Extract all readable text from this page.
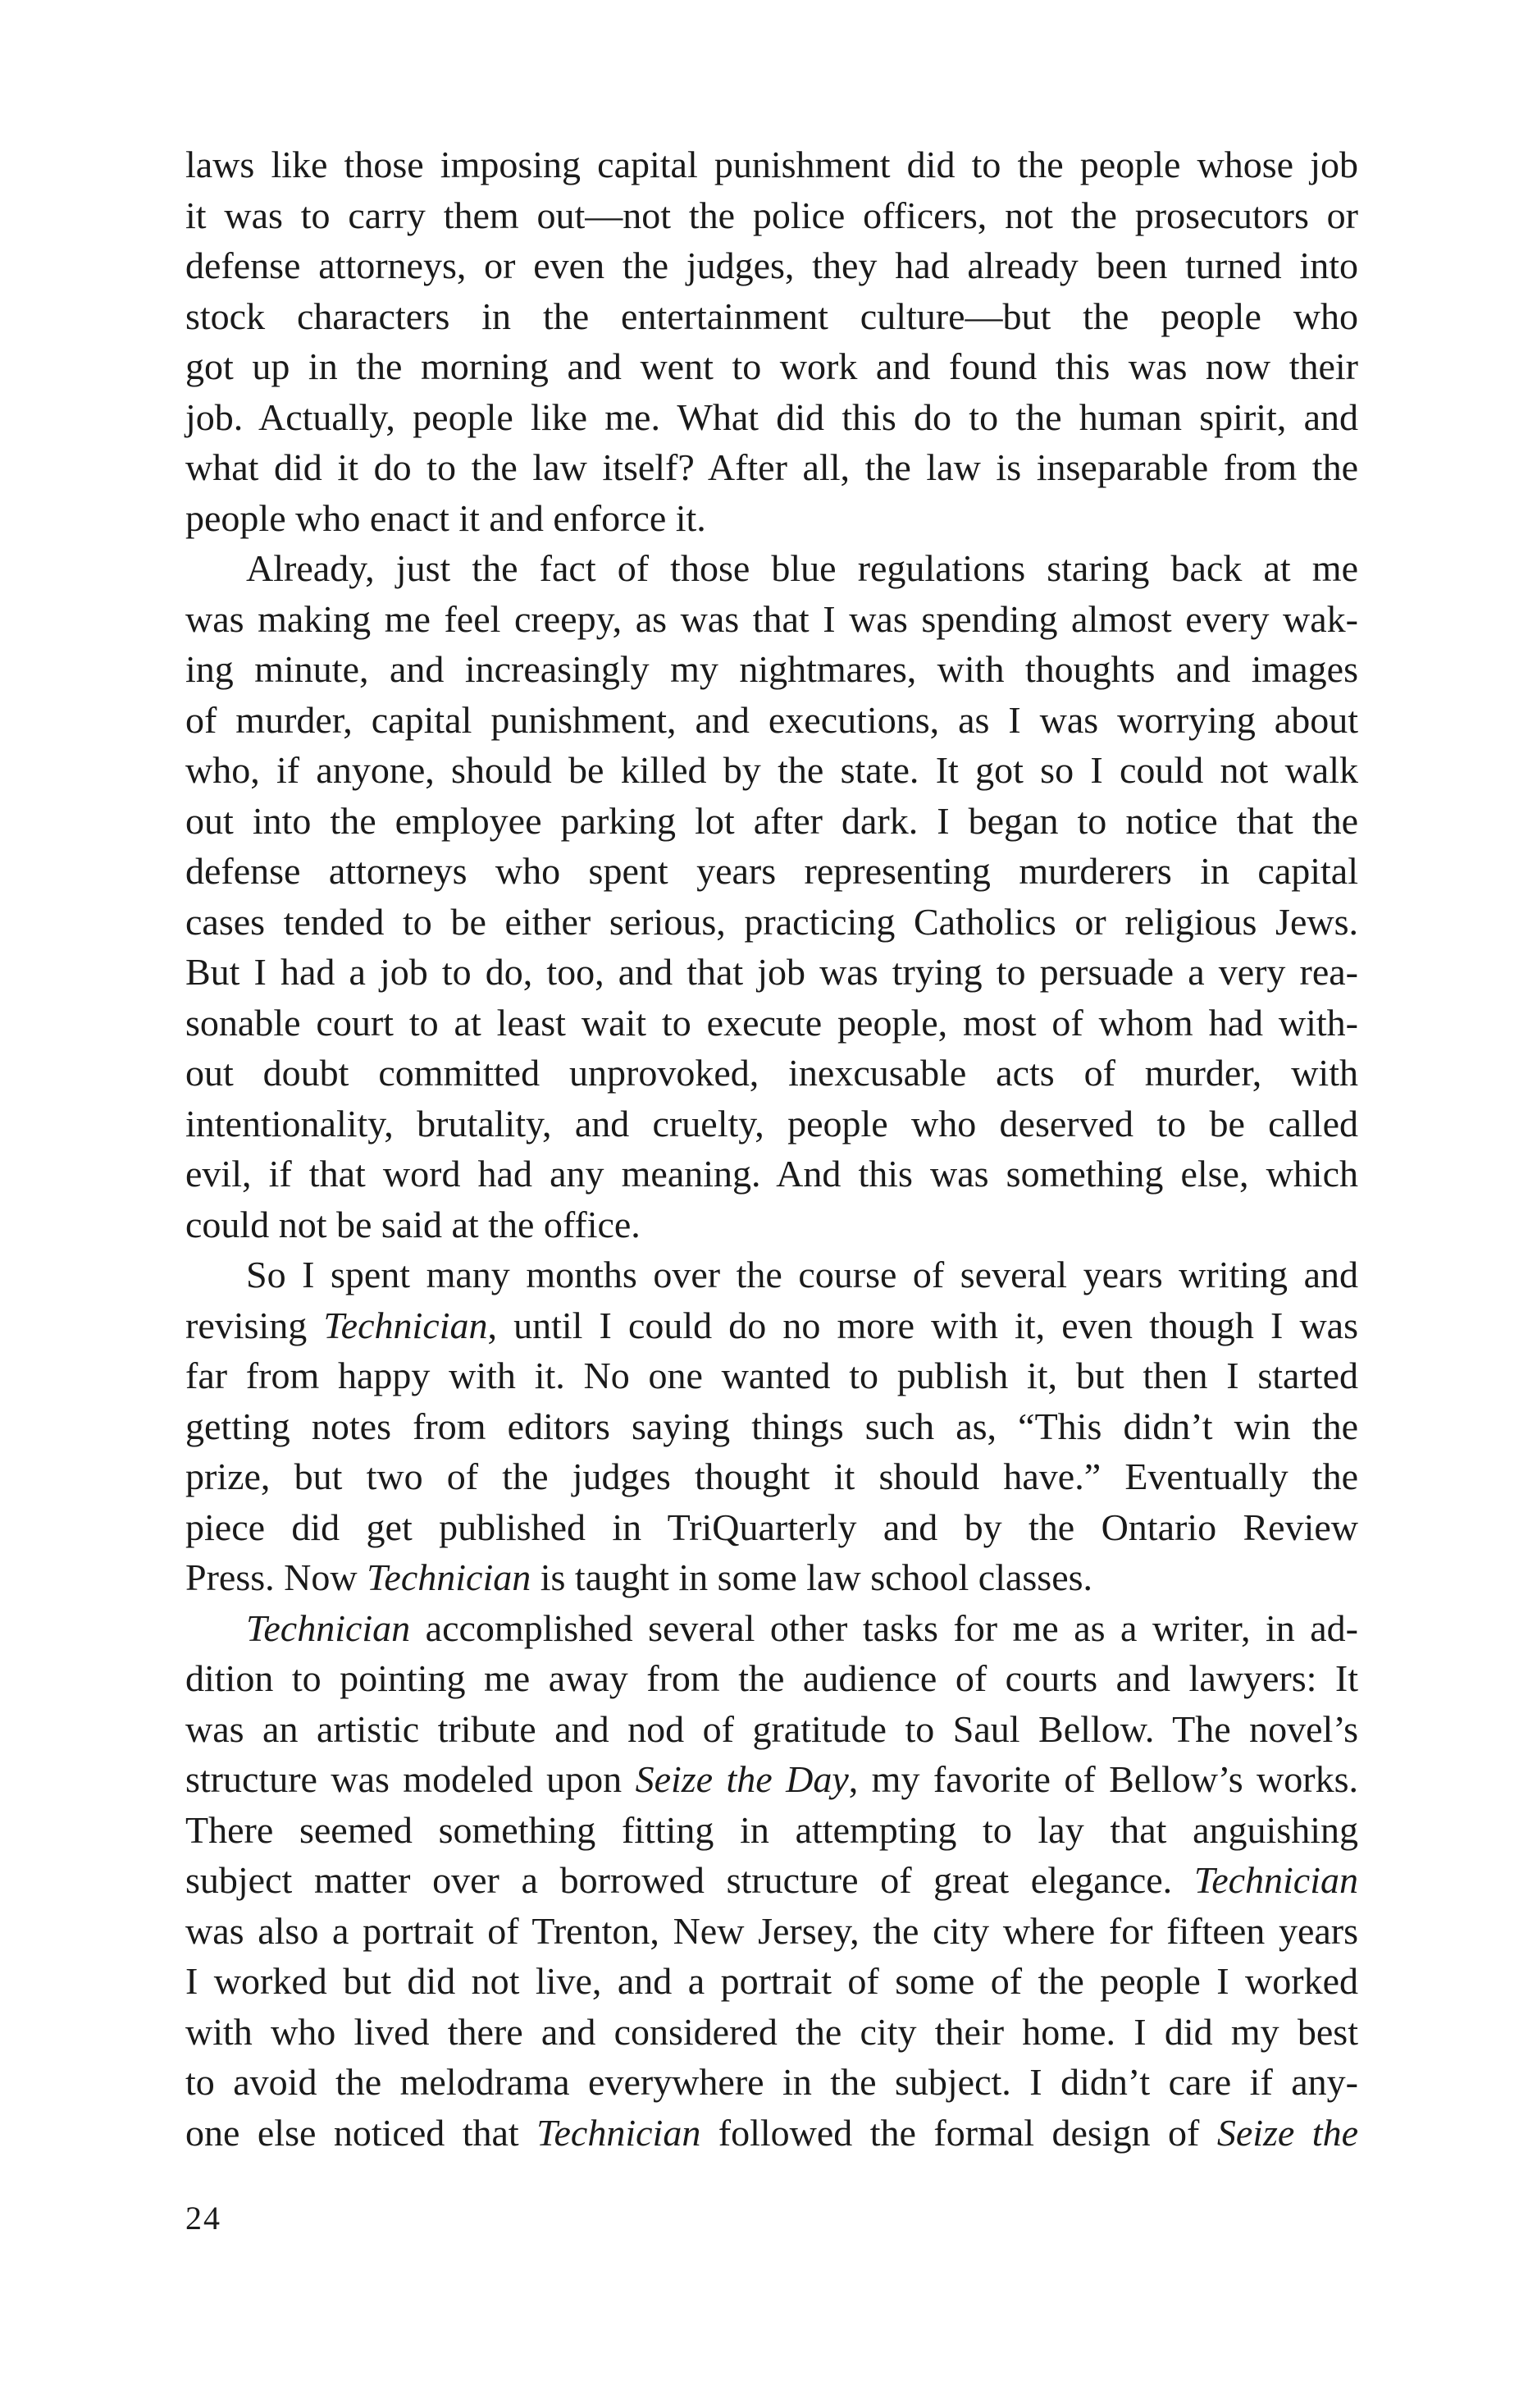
laws like those imposing capital punishment did to the people whose job
it was to carry them out—not the police officers, not the prosecutors or
defense attorneys, or even the judges, they had already been turned into
stock characters in the entertainment culture—but the people who
got up in the morning and went to work and found this was now their
job. Actually, people like me. What did this do to the human spirit, and
what did it do to the law itself? After all, the law is inseparable from the
people who enact it and enforce it.
Already, just the fact of those blue regulations staring back at me
was making me feel creepy, as was that I was spending almost every wak-
ing minute, and increasingly my nightmares, with thoughts and images
of murder, capital punishment, and executions, as I was worrying about
who, if anyone, should be killed by the state. It got so I could not walk
out into the employee parking lot after dark. I began to notice that the
defense attorneys who spent years representing murderers in capital
cases tended to be either serious, practicing Catholics or religious Jews.
But I had a job to do, too, and that job was trying to persuade a very rea-
sonable court to at least wait to execute people, most of whom had with-
out doubt committed unprovoked, inexcusable acts of murder, with
intentionality, brutality, and cruelty, people who deserved to be called
evil, if that word had any meaning. And this was something else, which
could not be said at the office.
So I spent many months over the course of several years writing and
revising Technician, until I could do no more with it, even though I was
far from happy with it. No one wanted to publish it, but then I started
getting notes from editors saying things such as, “This didn’t win the
prize, but two of the judges thought it should have.” Eventually the
piece did get published in TriQuarterly and by the Ontario Review
Press. Now Technician is taught in some law school classes.
Technician accomplished several other tasks for me as a writer, in ad-
dition to pointing me away from the audience of courts and lawyers: It
was an artistic tribute and nod of gratitude to Saul Bellow. The novel’s
structure was modeled upon Seize the Day, my favorite of Bellow’s works.
There seemed something fitting in attempting to lay that anguishing
subject matter over a borrowed structure of great elegance. Technician
was also a portrait of Trenton, New Jersey, the city where for fifteen years
I worked but did not live, and a portrait of some of the people I worked
with who lived there and considered the city their home. I did my best
to avoid the melodrama everywhere in the subject. I didn’t care if any-
one else noticed that Technician followed the formal design of Seize the
24
